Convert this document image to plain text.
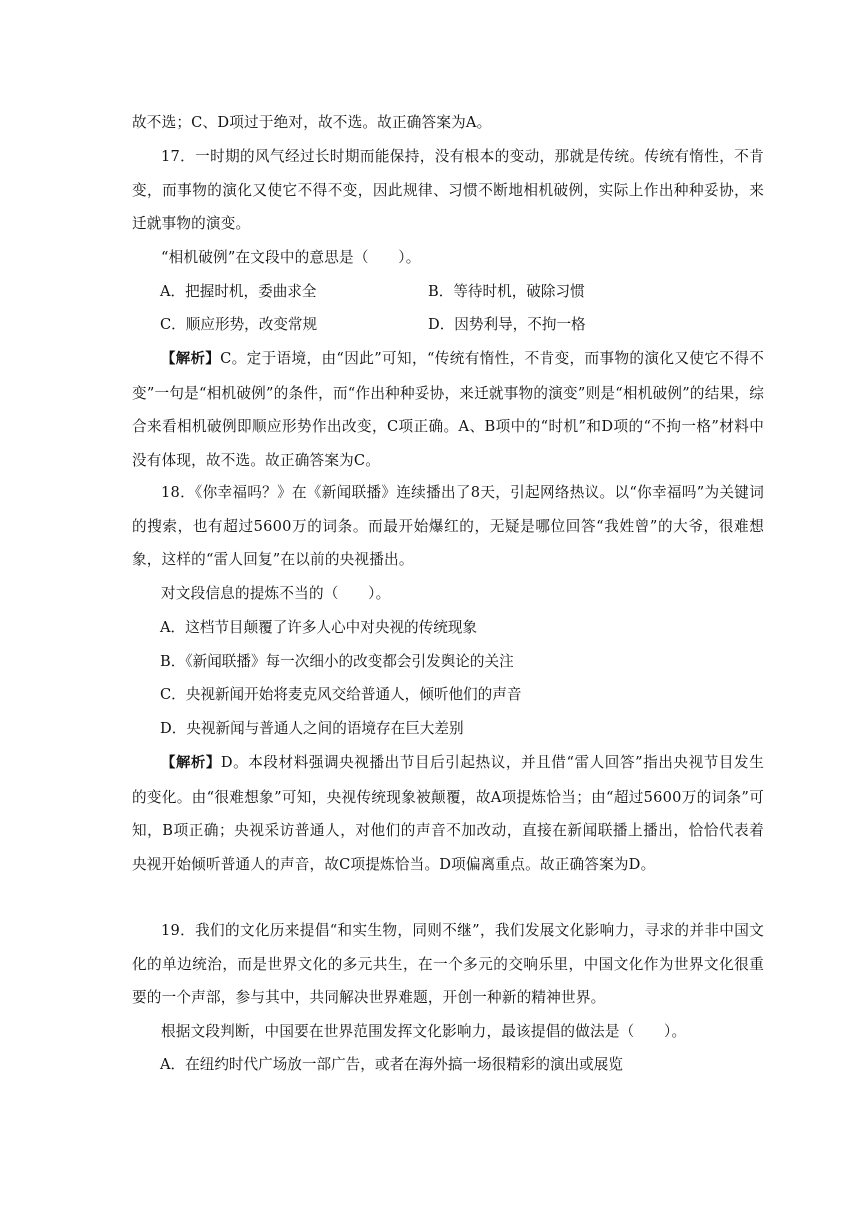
故不选；C、D项过于绝对，故不选。故正确答案为A。

17．一时期的风气经过长时期而能保持，没有根本的变动，那就是传统。传统有惰性，不肯变，而事物的演化又使它不得不变，因此规律、习惯不断地相机破例，实际上作出种种妥协，来迁就事物的演变。

“相机破例”在文段中的意思是（　　）。

A．把握时机，委曲求全	B．等待时机，破除习惯

C．顺应形势，改变常规	D．因势利导，不拘一格

【解析】C。定于语境，由“因此”可知，“传统有惰性，不肯变，而事物的演化又使它不得不变”一句是“相机破例”的条件，而“作出种种妥协，来迁就事物的演变”则是“相机破例”的结果，综合来看相机破例即顺应形势作出改变，C项正确。A、B项中的“时机”和D项的“不拘一格”材料中没有体现，故不选。故正确答案为C。

18．《你幸福吗？》在《新闻联播》连续播出了8天，引起网络热议。以“你幸福吗”为关键词的搜索，也有超过5600万的词条。而最开始爆红的，无疑是哪位回答“我姓曾”的大爷，很难想象，这样的“雷人回复”在以前的央视播出。

对文段信息的提炼不当的（　　）。

A．这档节目颠覆了许多人心中对央视的传统现象

B．《新闻联播》每一次细小的改变都会引发舆论的关注

C．央视新闻开始将麦克风交给普通人，倾听他们的声音

D．央视新闻与普通人之间的语境存在巨大差别

【解析】D。本段材料强调央视播出节目后引起热议，并且借“雷人回答”指出央视节目发生的变化。由“很难想象”可知，央视传统现象被颠覆，故A项提炼恰当；由“超过5600万的词条”可知，B项正确；央视采访普通人，对他们的声音不加改动，直接在新闻联播上播出，恰恰代表着央视开始倾听普通人的声音，故C项提炼恰当。D项偏离重点。故正确答案为D。

19．我们的文化历来提倡“和实生物，同则不继”，我们发展文化影响力，寻求的并非中国文化的单边统治，而是世界文化的多元共生，在一个多元的交响乐里，中国文化作为世界文化很重要的一个声部，参与其中，共同解决世界难题，开创一种新的精神世界。

根据文段判断，中国要在世界范围发挥文化影响力，最该提倡的做法是（　　）。

A．在纽约时代广场放一部广告，或者在海外搞一场很精彩的演出或展览
